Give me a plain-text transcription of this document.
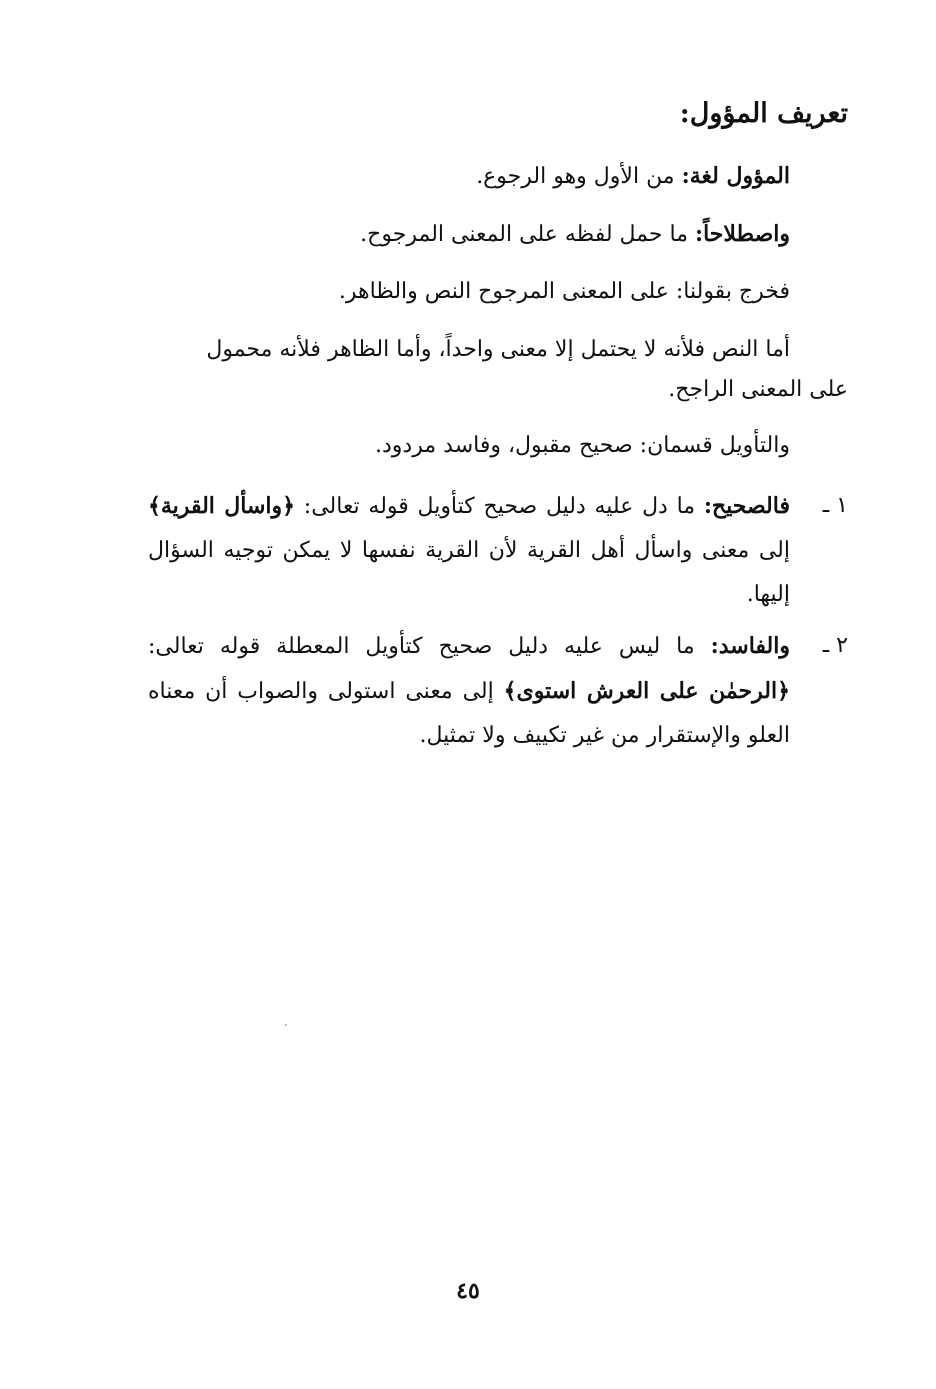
تعريف المؤول:
المؤول لغة: من الأول وهو الرجوع.
واصطلاحاً: ما حمل لفظه على المعنى المرجوح.
فخرج بقولنا: على المعنى المرجوح النص والظاهر.
أما النص فلأنه لا يحتمل إلا معنى واحداً، وأما الظاهر فلأنه محمول
على المعنى الراجح.
والتأويل قسمان: صحيح مقبول، وفاسد مردود.
١ ـ
فالصحيح: ما دل عليه دليل صحيح كتأويل قوله تعالى: ﴿واسأل القرية﴾ إلى معنى واسأل أهل القرية لأن القرية نفسها لا يمكن توجيه السؤال إليها.
٢ ـ
والفاسد: ما ليس عليه دليل صحيح كتأويل المعطلة قوله تعالى: ﴿الرحمٰن على العرش استوى﴾ إلى معنى استولى والصواب أن معناه العلو والإستقرار من غير تكييف ولا تمثيل.
٤٥
